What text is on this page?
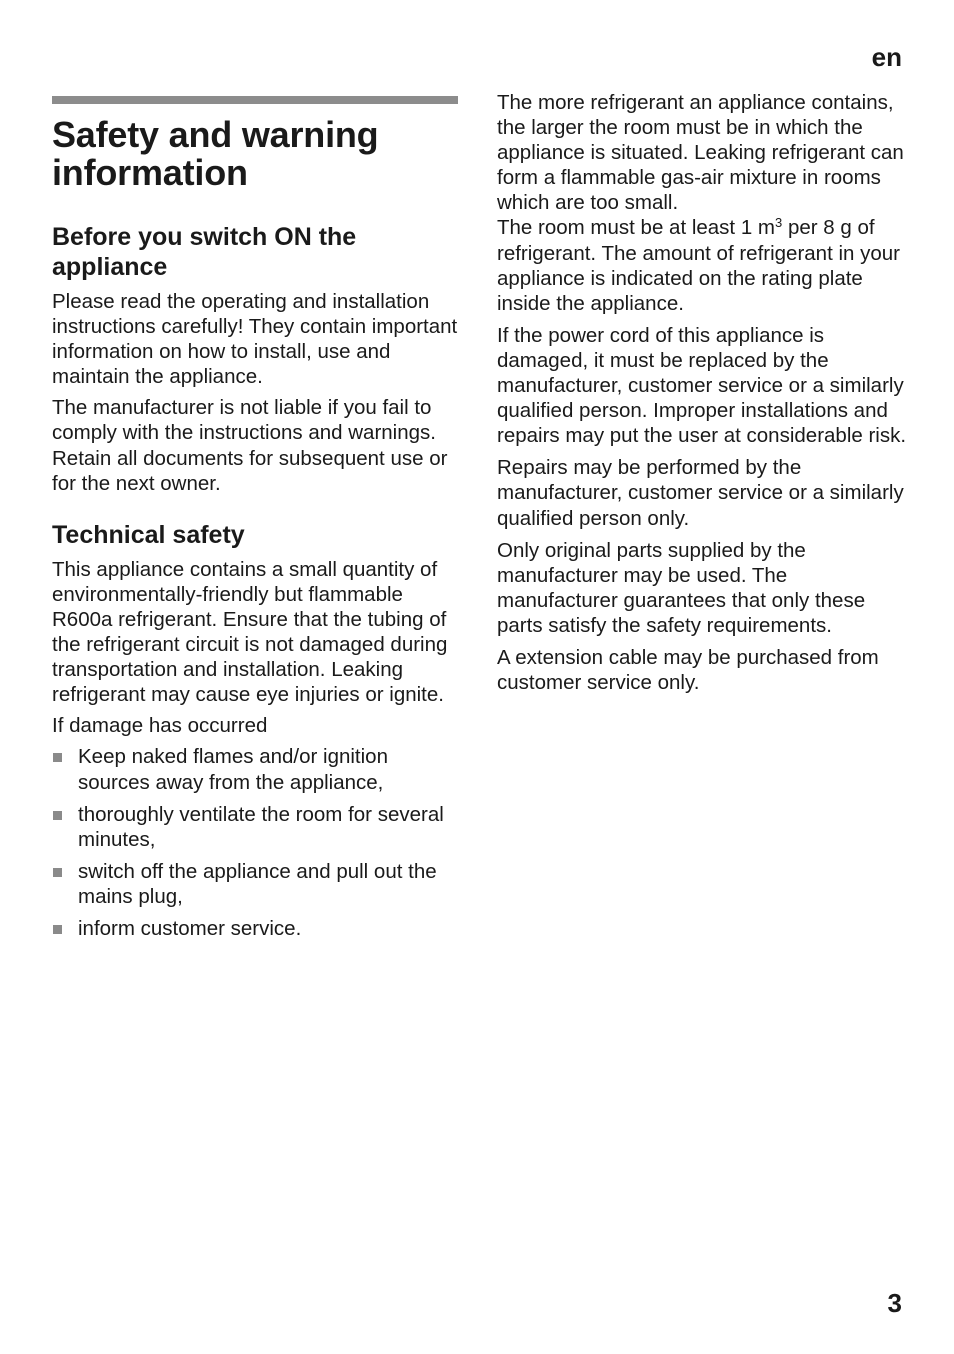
en
Safety and warning information
Before you switch ON the appliance

Please read the operating and installation instructions carefully! They contain important information on how to install, use and maintain the appliance.

The manufacturer is not liable if you fail to comply with the instructions and warnings. Retain all documents for subsequent use or for the next owner.

Technical safety

This appliance contains a small quantity of environmentally-friendly but flammable R600a refrigerant. Ensure that the tubing of the refrigerant circuit is not damaged during transportation and installation. Leaking refrigerant may cause eye injuries or ignite.

If damage has occurred

Keep naked flames and/or ignition sources away from the appliance,
thoroughly ventilate the room for several minutes,
switch off the appliance and pull out the mains plug,
inform customer service.

The more refrigerant an appliance contains, the larger the room must be in which the appliance is situated. Leaking refrigerant can form a flammable gas-air mixture in rooms which are too small.

The room must be at least 1 $m^3$ per 8 g of refrigerant. The amount of refrigerant in your appliance is indicated on the rating plate inside the appliance.

If the power cord of this appliance is damaged, it must be replaced by the manufacturer, customer service or a similarly qualified person. Improper installations and repairs may put the user at considerable risk.

Repairs may be performed by the manufacturer, customer service or a similarly qualified person only.

Only original parts supplied by the manufacturer may be used. The manufacturer guarantees that only these parts satisfy the safety requirements.

A extension cable may be purchased from customer service only.

3
